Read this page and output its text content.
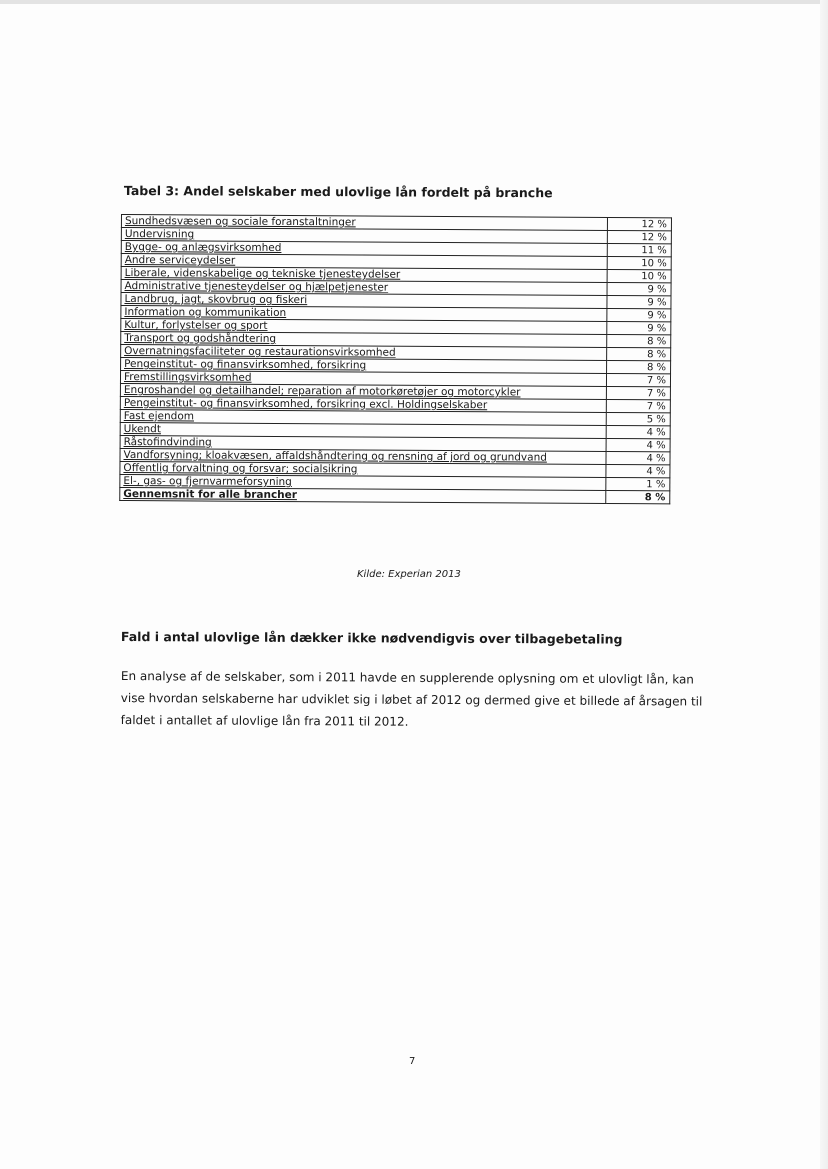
Tabel 3: Andel selskaber med ulovlige lån fordelt på branche
Sundhedsvæsen og sociale foranstaltninger	12 %
Undervisning	12 %
Bygge- og anlægsvirksomhed	11 %
Andre serviceydelser	10 %
Liberale, videnskabelige og tekniske tjenesteydelser	10 %
Administrative tjenesteydelser og hjælpetjenester	9 %
Landbrug, jagt, skovbrug og fiskeri	9 %
Information og kommunikation	9 %
Kultur, forlystelser og sport	9 %
Transport og godshåndtering	8 %
Overnatningsfaciliteter og restaurationsvirksomhed	8 %
Pengeinstitut- og finansvirksomhed, forsikring	8 %
Fremstillingsvirksomhed	7 %
Engroshandel og detailhandel; reparation af motorkøretøjer og motorcykler	7 %
Pengeinstitut- og finansvirksomhed, forsikring excl. Holdingselskaber	7 %
Fast ejendom	5 %
Ukendt	4 %
Råstofindvinding	4 %
Vandforsyning; kloakvæsen, affaldshåndtering og rensning af jord og grundvand	4 %
Offentlig forvaltning og forsvar; socialsikring	4 %
El-, gas- og fjernvarmeforsyning	1 %
Gennemsnit for alle brancher	8 %
Kilde: Experian 2013
Fald i antal ulovlige lån dækker ikke nødvendigvis over tilbagebetaling
En analyse af de selskaber, som i 2011 havde en supplerende oplysning om et ulovligt lån, kan vise hvordan selskaberne har udviklet sig i løbet af 2012 og dermed give et billede af årsagen til faldet i antallet af ulovlige lån fra 2011 til 2012.
7
